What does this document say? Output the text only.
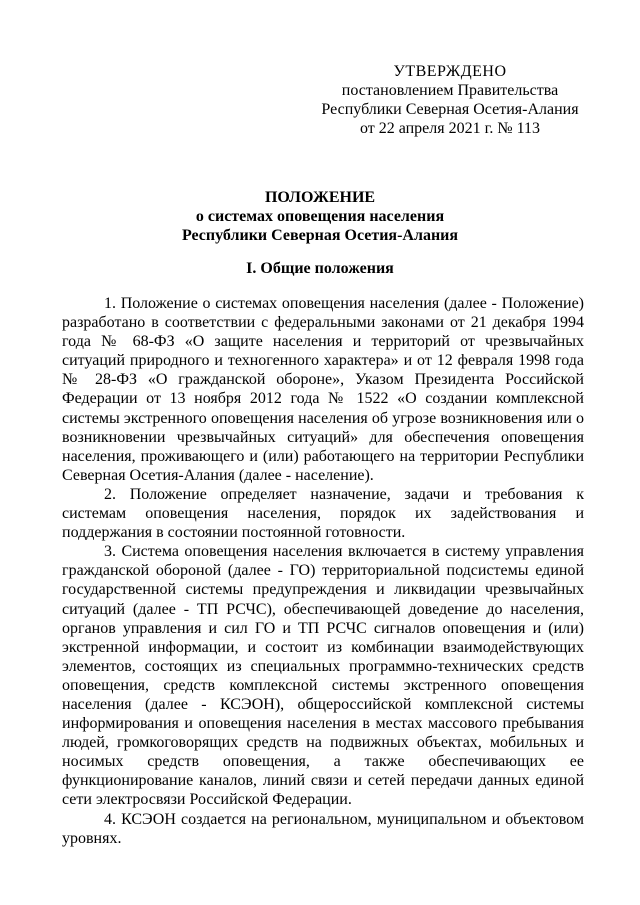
УТВЕРЖДЕНО
постановлением Правительства
Республики Северная Осетия-Алания
от 22 апреля 2021 г. № 113
ПОЛОЖЕНИЕ
о системах оповещения населения
Республики Северная Осетия-Алания
I. Общие положения

1. Положение о системах оповещения населения (далее - Положение) разработано в соответствии с федеральными законами от 21 декабря 1994 года № 68-ФЗ «О защите населения и территорий от чрезвычайных ситуаций природного и техногенного характера» и от 12 февраля 1998 года № 28-ФЗ «О гражданской обороне», Указом Президента Российской Федерации от 13 ноября 2012 года № 1522 «О создании комплексной системы экстренного оповещения населения об угрозе возникновения или о возникновении чрезвычайных ситуаций» для обеспечения оповещения населения, проживающего и (или) работающего на территории Республики Северная Осетия-Алания (далее - население).

2. Положение определяет назначение, задачи и требования к системам оповещения населения, порядок их задействования и поддержания в состоянии постоянной готовности.

3. Система оповещения населения включается в систему управления гражданской обороной (далее - ГО) территориальной подсистемы единой государственной системы предупреждения и ликвидации чрезвычайных ситуаций (далее - ТП РСЧС), обеспечивающей доведение до населения, органов управления и сил ГО и ТП РСЧС сигналов оповещения и (или) экстренной информации, и состоит из комбинации взаимодействующих элементов, состоящих из специальных программно-технических средств оповещения, средств комплексной системы экстренного оповещения населения (далее - КСЭОН), общероссийской комплексной системы информирования и оповещения населения в местах массового пребывания людей, громкоговорящих средств на подвижных объектах, мобильных и носимых средств оповещения, а также обеспечивающих ее функционирование каналов, линий связи и сетей передачи данных единой сети электросвязи Российской Федерации.

4. КСЭОН создается на региональном, муниципальном и объектовом уровнях.
